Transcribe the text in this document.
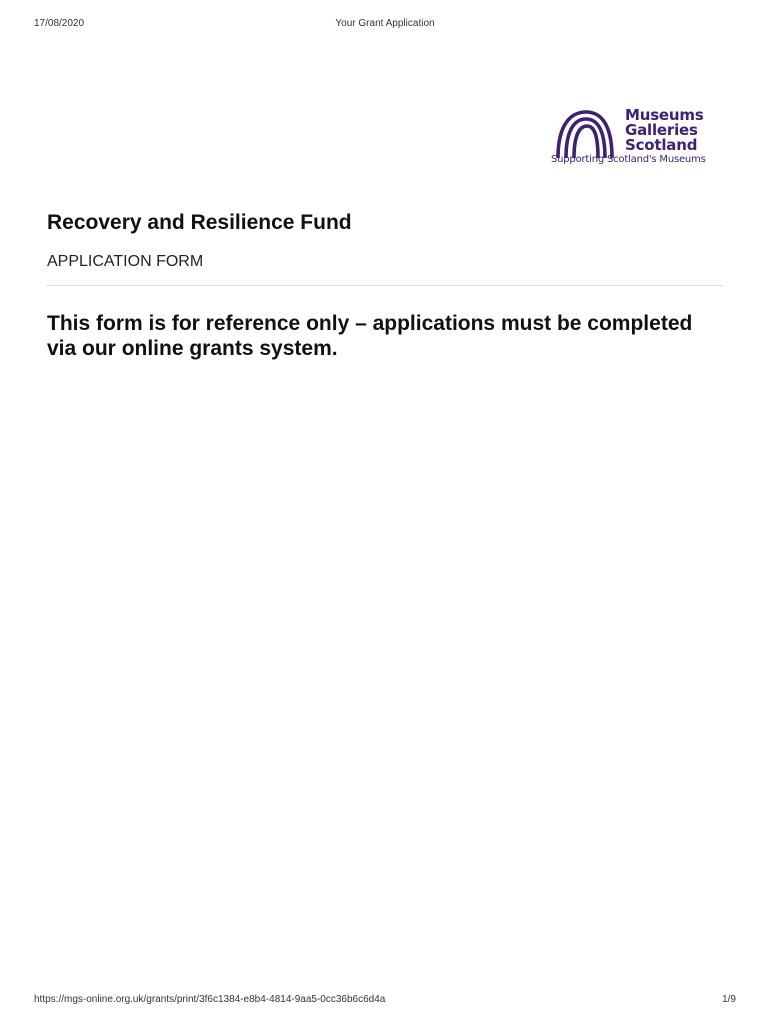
17/08/2020	Your Grant Application
Museums
Galleries
Scotland
Supporting Scotland's Museums
Recovery and Resilience Fund
APPLICATION FORM

This form is for reference only – applications must be completed via our online grants system.

https://mgs-online.org.uk/grants/print/3f6c1384-e8b4-4814-9aa5-0cc36b6c6d4a	1/9
